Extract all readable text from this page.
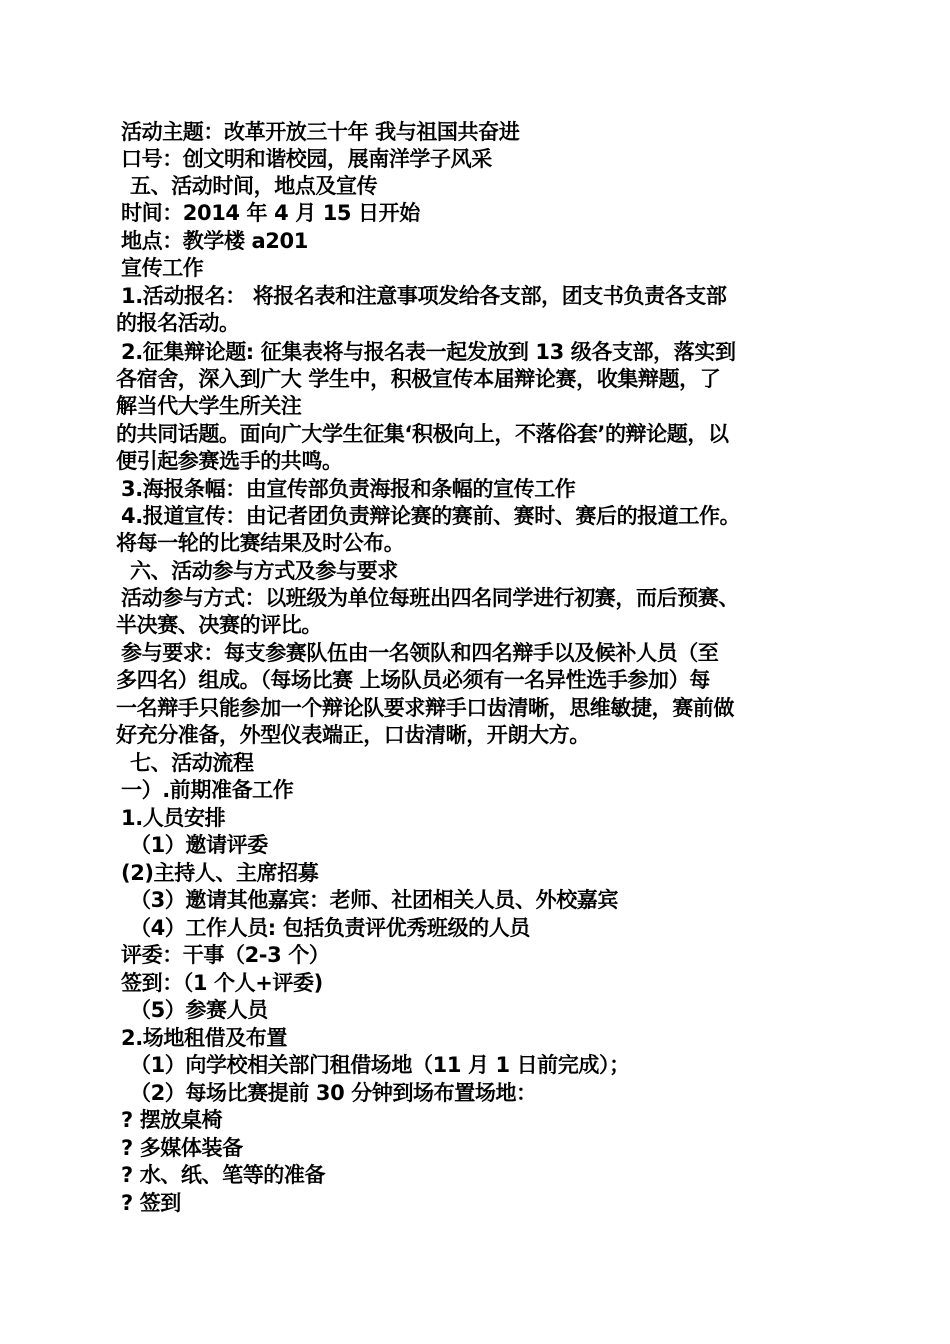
活动主题：改革开放三十年 我与祖国共奋进
口号：创文明和谐校园，展南洋学子风采
五、活动时间，地点及宣传
时间：2014 年 4 月 15 日开始
地点：教学楼 a201
宣传工作
1.活动报名： 将报名表和注意事项发给各支部，团支书负责各支部
的报名活动。
2.征集辩论题: 征集表将与报名表一起发放到 13 级各支部，落实到
各宿舍，深入到广大 学生中，积极宣传本届辩论赛，收集辩题，了
解当代大学生所关注
的共同话题。面向广大学生征集‘积极向上，不落俗套’的辩论题，以
便引起参赛选手的共鸣。
3.海报条幅：由宣传部负责海报和条幅的宣传工作
4.报道宣传：由记者团负责辩论赛的赛前、赛时、赛后的报道工作。
将每一轮的比赛结果及时公布。
六、活动参与方式及参与要求
活动参与方式：以班级为单位每班出四名同学进行初赛，而后预赛、
半决赛、决赛的评比。
参与要求：每支参赛队伍由一名领队和四名辩手以及候补人员（至
多四名）组成。（每场比赛 上场队员必须有一名异性选手参加）每
一名辩手只能参加一个辩论队要求辩手口齿清晰，思维敏捷，赛前做
好充分准备，外型仪表端正，口齿清晰，开朗大方。
七、活动流程
一）.前期准备工作
1.人员安排
（1）邀请评委
(2)主持人、主席招募
（3）邀请其他嘉宾：老师、社团相关人员、外校嘉宾
（4）工作人员: 包括负责评优秀班级的人员
评委：干事（2-3 个）
签到：（1 个人+评委)
（5）参赛人员
2.场地租借及布置
（1）向学校相关部门租借场地（11 月 1 日前完成）；
（2）每场比赛提前 30 分钟到场布置场地：
? 摆放桌椅
? 多媒体装备
? 水、纸、笔等的准备
? 签到
